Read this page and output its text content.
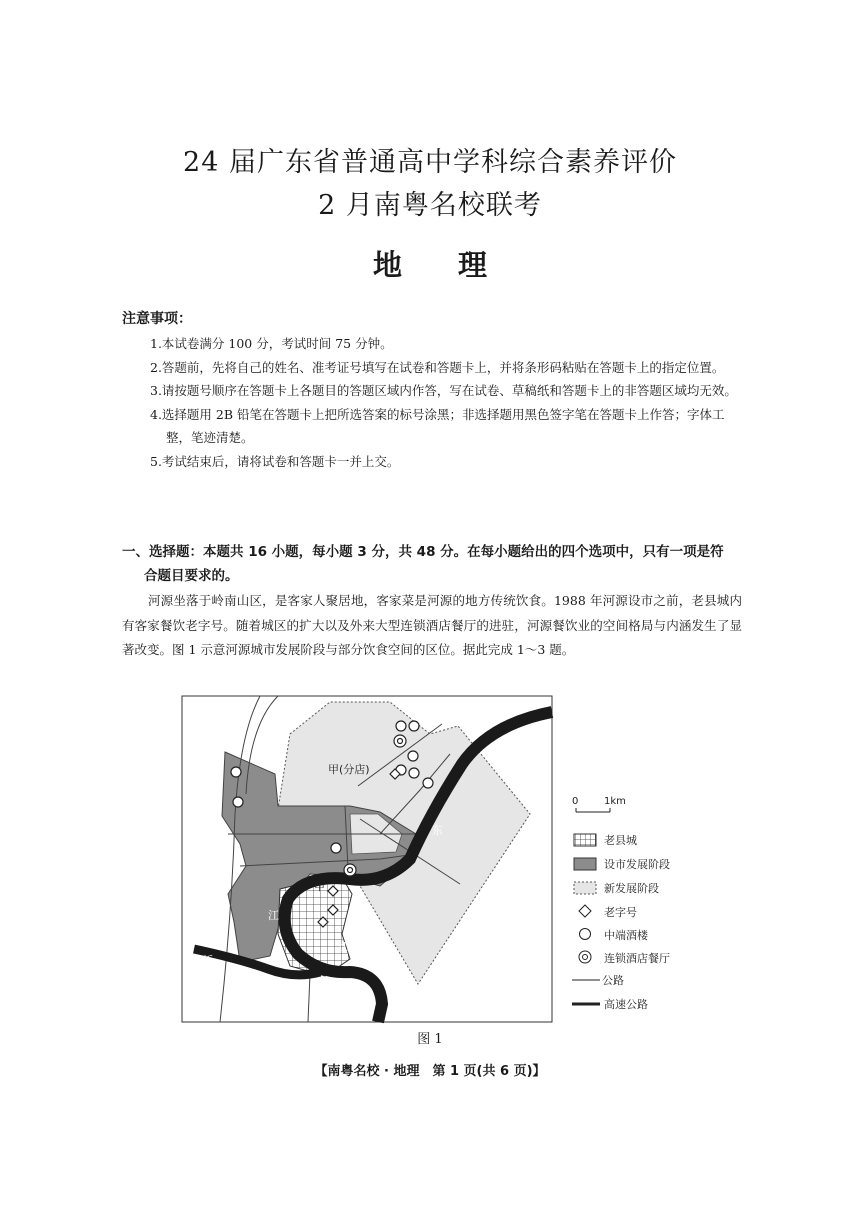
24 届广东省普通高中学科综合素养评价
2 月南粤名校联考
地 理
注意事项：
1.本试卷满分 100 分，考试时间 75 分钟。
2.答题前，先将自己的姓名、准考证号填写在试卷和答题卡上，并将条形码粘贴在答题卡上的指定位置。
3.请按题号顺序在答题卡上各题目的答题区域内作答，写在试卷、草稿纸和答题卡上的非答题区域均无效。
4.选择题用 2B 铅笔在答题卡上把所选答案的标号涂黑；非选择题用黑色签字笔在答题卡上作答；字体工整，笔迹清楚。
5.考试结束后，请将试卷和答题卡一并上交。
一、选择题：本题共 16 小题，每小题 3 分，共 48 分。在每小题给出的四个选项中，只有一项是符
合题目要求的。
河源坐落于岭南山区，是客家人聚居地，客家菜是河源的地方传统饮食。1988 年河源设市之前，老县城内有客家餐饮老字号。随着城区的扩大以及外来大型连锁酒店餐厅的进驻，河源餐饮业的空间格局与内涵发生了显著改变。图 1 示意河源城市发展阶段与部分饮食空间的区位。据此完成 1～3 题。
甲(分店)
甲
新
丰
江
江
东
0	1km
老县城
设市发展阶段
新发展阶段
老字号
中端酒楼
连锁酒店餐厅
公路
高速公路
图 1
【南粤名校 · 地理　第 1 页(共 6 页)】
